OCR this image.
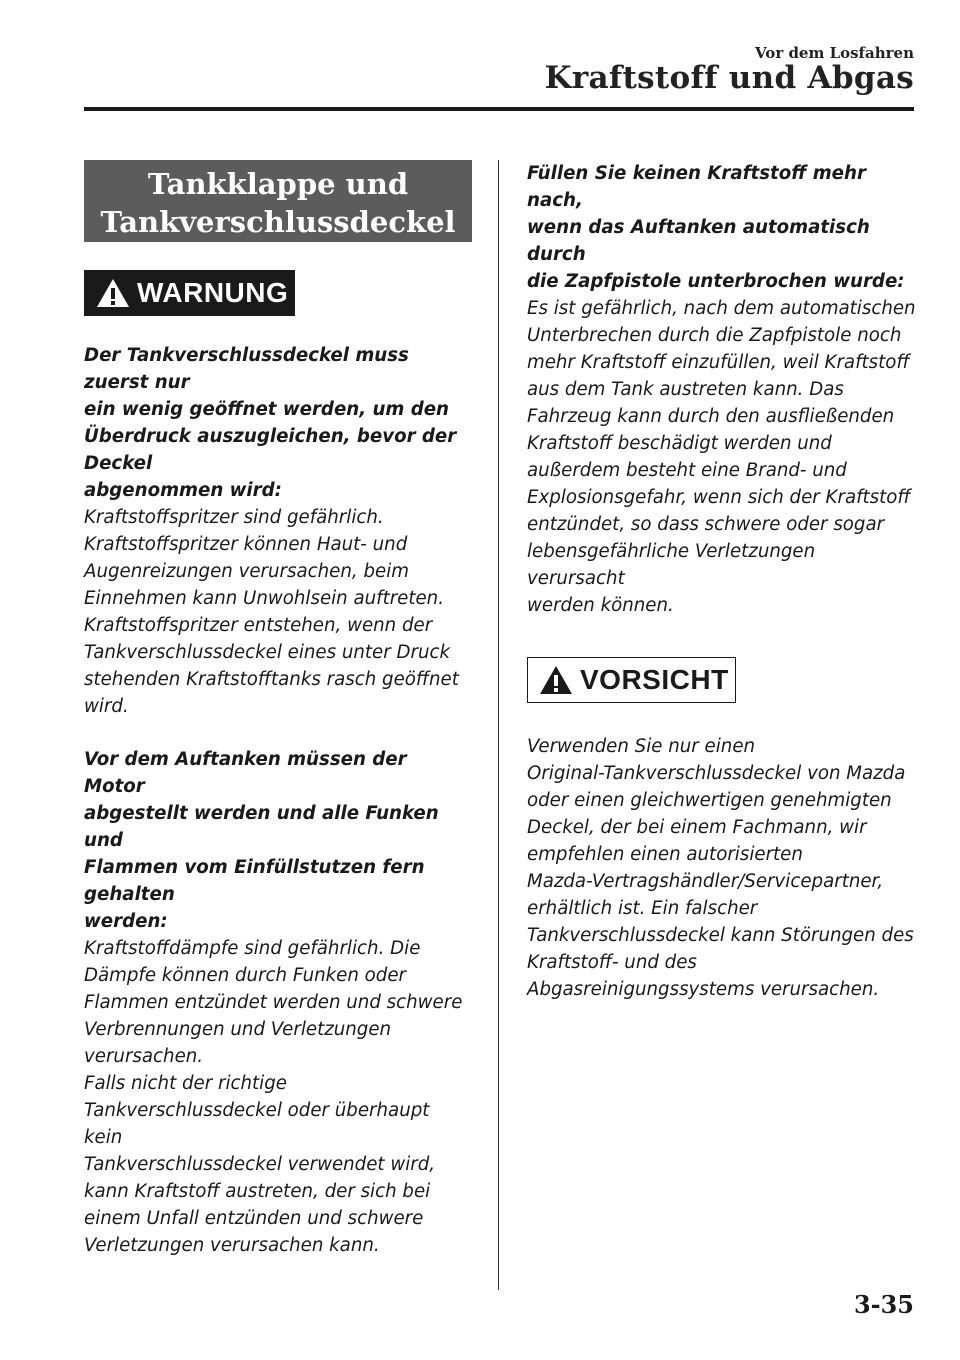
Vor dem Losfahren
Kraftstoff und Abgas
Tankklappe und
Tankverschlussdeckel
WARNUNG

Der Tankverschlussdeckel muss zuerst nur
ein wenig geöffnet werden, um den
Überdruck auszugleichen, bevor der Deckel
abgenommen wird:
Kraftstoffspritzer sind gefährlich.
Kraftstoffspritzer können Haut- und
Augenreizungen verursachen, beim
Einnehmen kann Unwohlsein auftreten.
Kraftstoffspritzer entstehen, wenn der
Tankverschlussdeckel eines unter Druck
stehenden Kraftstofftanks rasch geöffnet
wird.

Vor dem Auftanken müssen der Motor
abgestellt werden und alle Funken und
Flammen vom Einfüllstutzen fern gehalten
werden:
Kraftstoffdämpfe sind gefährlich. Die
Dämpfe können durch Funken oder
Flammen entzündet werden und schwere
Verbrennungen und Verletzungen
verursachen.
Falls nicht der richtige
Tankverschlussdeckel oder überhaupt kein
Tankverschlussdeckel verwendet wird,
kann Kraftstoff austreten, der sich bei
einem Unfall entzünden und schwere
Verletzungen verursachen kann.

Füllen Sie keinen Kraftstoff mehr nach,
wenn das Auftanken automatisch durch
die Zapfpistole unterbrochen wurde:
Es ist gefährlich, nach dem automatischen
Unterbrechen durch die Zapfpistole noch
mehr Kraftstoff einzufüllen, weil Kraftstoff
aus dem Tank austreten kann. Das
Fahrzeug kann durch den ausfließenden
Kraftstoff beschädigt werden und
außerdem besteht eine Brand- und
Explosionsgefahr, wenn sich der Kraftstoff
entzündet, so dass schwere oder sogar
lebensgefährliche Verletzungen verursacht
werden können.

VORSICHT

Verwenden Sie nur einen
Original-Tankverschlussdeckel von Mazda
oder einen gleichwertigen genehmigten
Deckel, der bei einem Fachmann, wir
empfehlen einen autorisierten
Mazda-Vertragshändler/Servicepartner,
erhältlich ist. Ein falscher
Tankverschlussdeckel kann Störungen des
Kraftstoff- und des
Abgasreinigungssystems verursachen.

3-35
